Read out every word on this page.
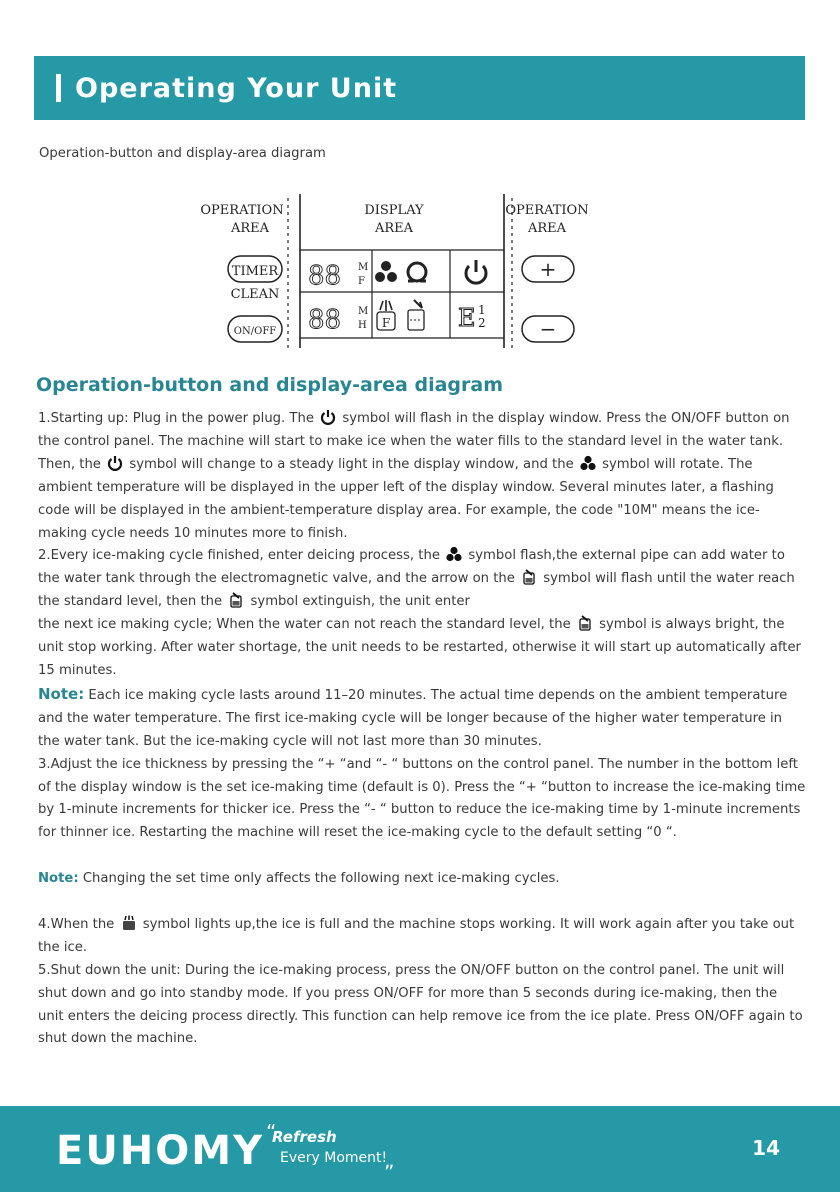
Operating Your Unit
Operation-button and display-area diagram
OPERATION
AREA
DISPLAY
AREA
OPERATION
AREA
TIMER
CLEAN
ON/OFF
+
−
88 M
F
88 M
H F	E 1
2
Operation-button and display-area diagram

1.Starting up: Plug in the power plug. The symbol will flash in the display window. Press the ON/OFF button on the control panel. The machine will start to make ice when the water fills to the standard level in the water tank. Then, the symbol will change to a steady light in the display window, and the symbol will rotate. The ambient temperature will be displayed in the upper left of the display window. Several minutes later, a flashing code will be displayed in the ambient-temperature display area. For example, the code "10M" means the ice-making cycle needs 10 minutes more to finish.

2.Every ice-making cycle finished, enter deicing process, the symbol flash,the external pipe can add water to the water tank through the electromagnetic valve, and the arrow on the symbol will flash until the water reach the standard level, then the symbol extinguish, the unit enter
the next ice making cycle; When the water can not reach the standard level, the symbol is always bright, the unit stop working. After water shortage, the unit needs to be restarted, otherwise it will start up automatically after 15 minutes.

Note: Each ice making cycle lasts around 11–20 minutes. The actual time depends on the ambient temperature and the water temperature. The first ice-making cycle will be longer because of the higher water temperature in the water tank. But the ice-making cycle will not last more than 30 minutes.

3.Adjust the ice thickness by pressing the “+ “and “- “ buttons on the control panel. The number in the bottom left of the display window is the set ice-making time (default is 0). Press the “+ “button to increase the ice-making time by 1-minute increments for thicker ice. Press the “- “ button to reduce the ice-making time by 1-minute increments for thinner ice. Restarting the machine will reset the ice-making cycle to the default setting “0 “.

Note: Changing the set time only affects the following next ice-making cycles.

4.When the symbol lights up,the ice is full and the machine stops working. It will work again after you take out the ice.

5.Shut down the unit: During the ice-making process, press the ON/OFF button on the control panel. The unit will shut down and go into standby mode. If you press ON/OFF for more than 5 seconds during ice-making, then the unit enters the deicing process directly. This function can help remove ice from the ice plate. Press ON/OFF again to shut down the machine.

EUHOMY “
Refresh
Every Moment!
„	14
